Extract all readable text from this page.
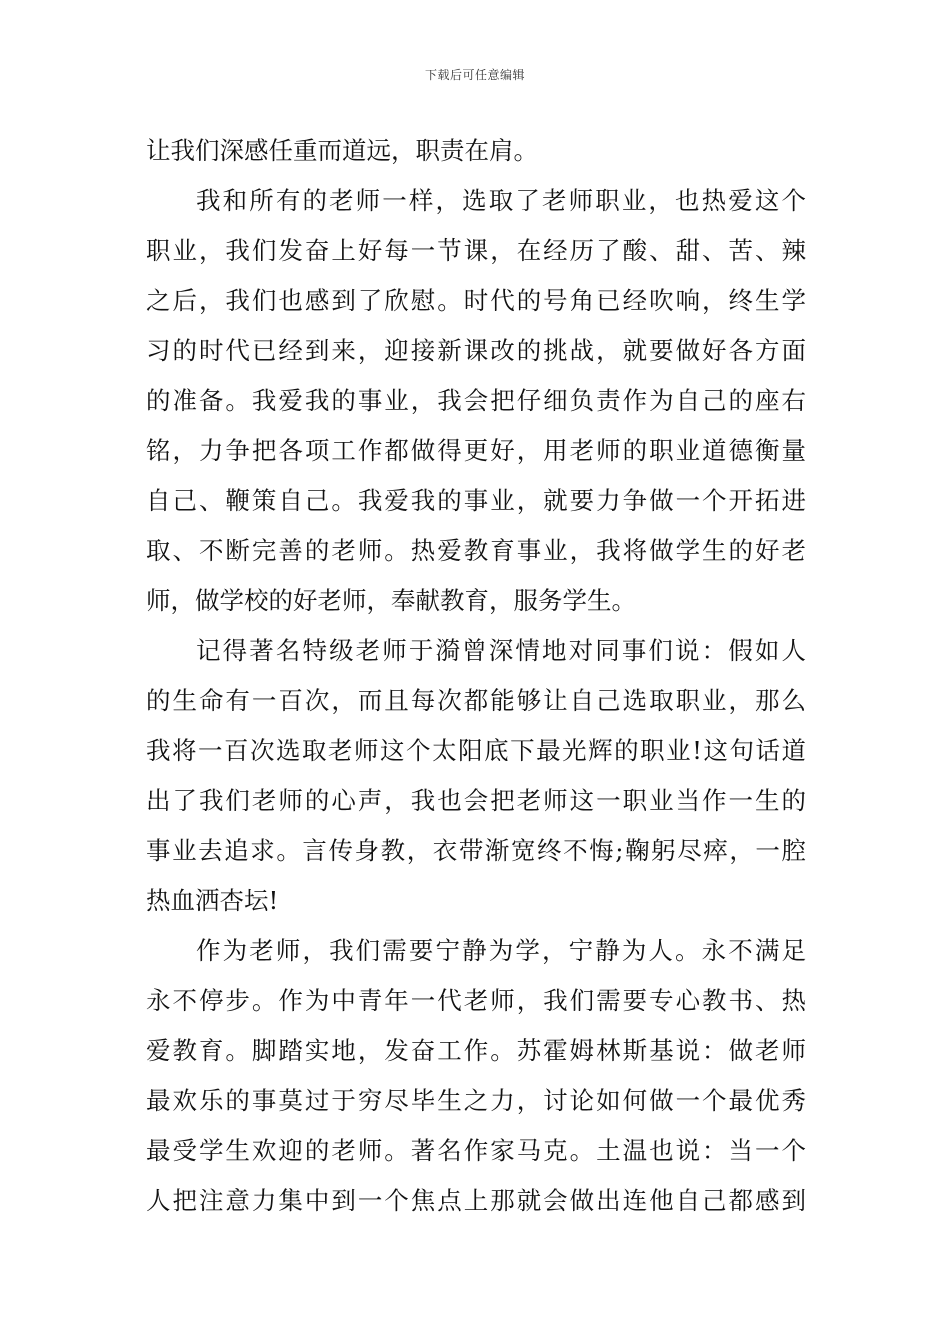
下载后可任意编辑
让我们深感任重而道远，职责在肩。
我和所有的老师一样，选取了老师职业，也热爱这个
职业，我们发奋上好每一节课，在经历了酸、甜、苦、辣
之后，我们也感到了欣慰。时代的号角已经吹响，终生学
习的时代已经到来，迎接新课改的挑战，就要做好各方面
的准备。我爱我的事业，我会把仔细负责作为自己的座右
铭，力争把各项工作都做得更好，用老师的职业道德衡量
自己、鞭策自己。我爱我的事业，就要力争做一个开拓进
取、不断完善的老师。热爱教育事业，我将做学生的好老
师，做学校的好老师，奉献教育，服务学生。
记得著名特级老师于漪曾深情地对同事们说：假如人
的生命有一百次，而且每次都能够让自己选取职业，那么
我将一百次选取老师这个太阳底下最光辉的职业!这句话道
出了我们老师的心声，我也会把老师这一职业当作一生的
事业去追求。言传身教，衣带渐宽终不悔;鞠躬尽瘁，一腔
热血洒杏坛!
作为老师，我们需要宁静为学，宁静为人。永不满足
永不停步。作为中青年一代老师，我们需要专心教书、热
爱教育。脚踏实地，发奋工作。苏霍姆林斯基说：做老师
最欢乐的事莫过于穷尽毕生之力，讨论如何做一个最优秀
最受学生欢迎的老师。著名作家马克。土温也说：当一个
人把注意力集中到一个焦点上那就会做出连他自己都感到
